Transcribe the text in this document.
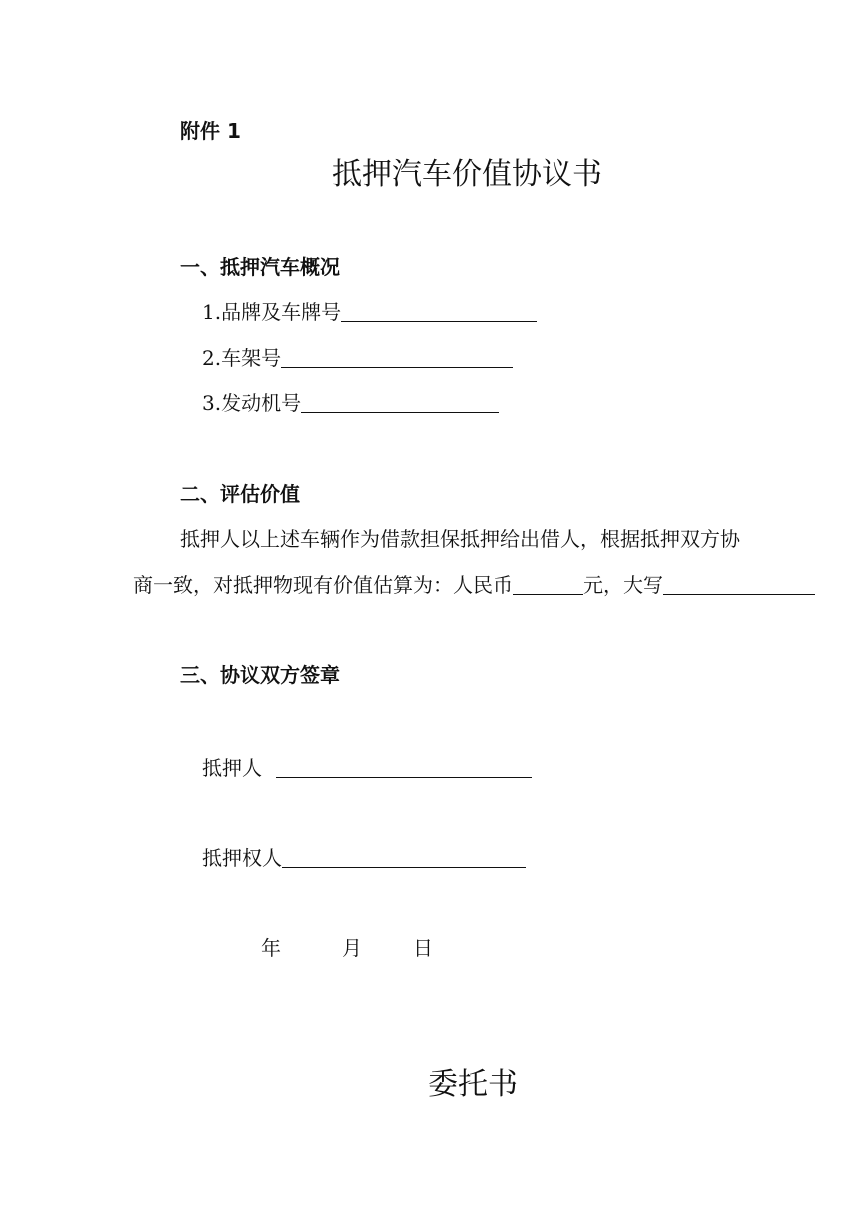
附件 1
抵押汽车价值协议书
一、抵押汽车概况
1.品牌及车牌号
2.车架号
3.发动机号
二、评估价值
抵押人以上述车辆作为借款担保抵押给出借人，根据抵押双方协
商一致，对抵押物现有价值估算为：人民币	元，大写
三、协议双方签章
抵押人
抵押权人
年	月	日
委托书
